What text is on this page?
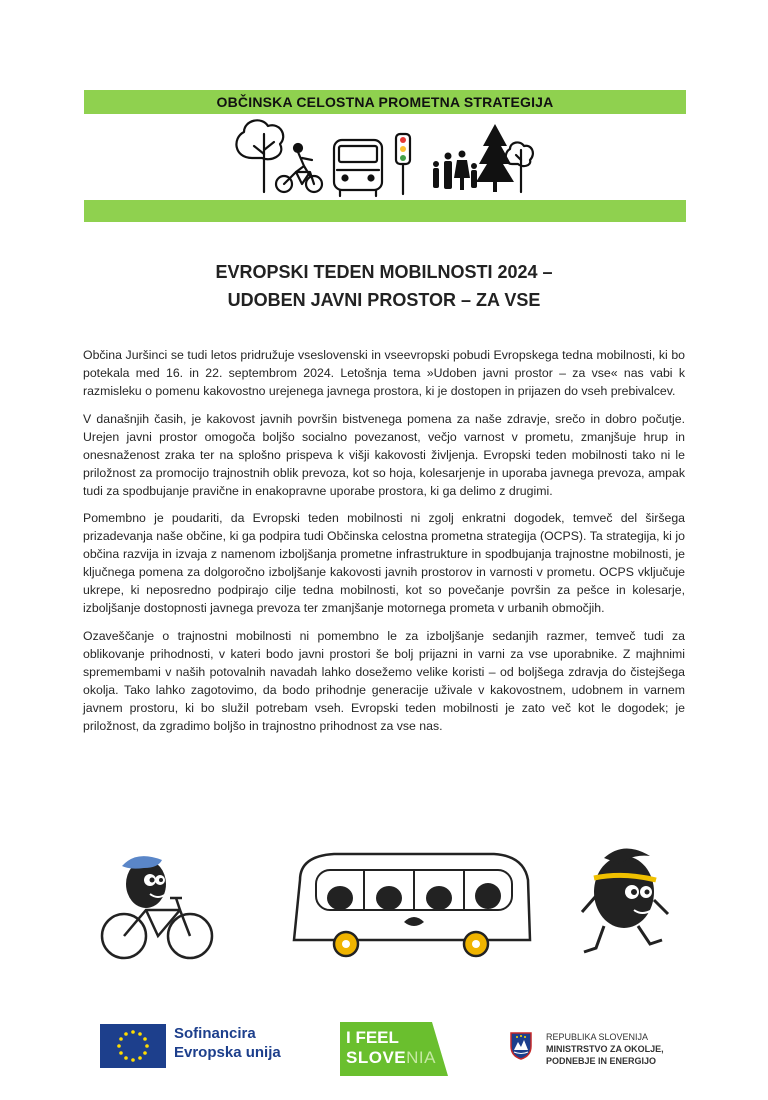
OBČINSKA CELOSTNA PROMETNA STRATEGIJA
EVROPSKI TEDEN MOBILNOSTI 2024 –
UDOBEN JAVNI PROSTOR – ZA VSE

Občina Juršinci se tudi letos pridružuje vseslovenski in vseevropski pobudi Evropskega tedna mobilnosti, ki bo potekala med 16. in 22. septembrom 2024. Letošnja tema »Udoben javni prostor – za vse« nas vabi k razmisleku o pomenu kakovostno urejenega javnega prostora, ki je dostopen in prijazen do vseh prebivalcev.

V današnjih časih, je kakovost javnih površin bistvenega pomena za naše zdravje, srečo in dobro počutje. Urejen javni prostor omogoča boljšo socialno povezanost, večjo varnost v prometu, zmanjšuje hrup in onesnaženost zraka ter na splošno prispeva k višji kakovosti življenja. Evropski teden mobilnosti tako ni le priložnost za promocijo trajnostnih oblik prevoza, kot so hoja, kolesarjenje in uporaba javnega prevoza, ampak tudi za spodbujanje pravične in enakopravne uporabe prostora, ki ga delimo z drugimi.

Pomembno je poudariti, da Evropski teden mobilnosti ni zgolj enkratni dogodek, temveč del širšega prizadevanja naše občine, ki ga podpira tudi Občinska celostna prometna strategija (OCPS). Ta strategija, ki jo občina razvija in izvaja z namenom izboljšanja prometne infrastrukture in spodbujanja trajnostne mobilnosti, je ključnega pomena za dolgoročno izboljšanje kakovosti javnih prostorov in varnosti v prometu. OCPS vključuje ukrepe, ki neposredno podpirajo cilje tedna mobilnosti, kot so povečanje površin za pešce in kolesarje, izboljšanje dostopnosti javnega prevoza ter zmanjšanje motornega prometa v urbanih območjih.

Ozaveščanje o trajnostni mobilnosti ni pomembno le za izboljšanje sedanjih razmer, temveč tudi za oblikovanje prihodnosti, v kateri bodo javni prostori še bolj prijazni in varni za vse uporabnike. Z majhnimi spremembami v naših potovalnih navadah lahko dosežemo velike koristi – od boljšega zdravja do čistejšega okolja. Tako lahko zagotovimo, da bodo prihodnje generacije uživale v kakovostnem, udobnem in varnem javnem prostoru, ki bo služil potrebam vseh. Evropski teden mobilnosti je zato več kot le dogodek; je priložnost, da zgradimo boljšo in trajnostno prihodnost za vse nas.

Sofinancira
Evropska unija
I FEEL
SLOVENIA
REPUBLIKA SLOVENIJA
MINISTRSTVO ZA OKOLJE,
PODNEBJE IN ENERGIJO
